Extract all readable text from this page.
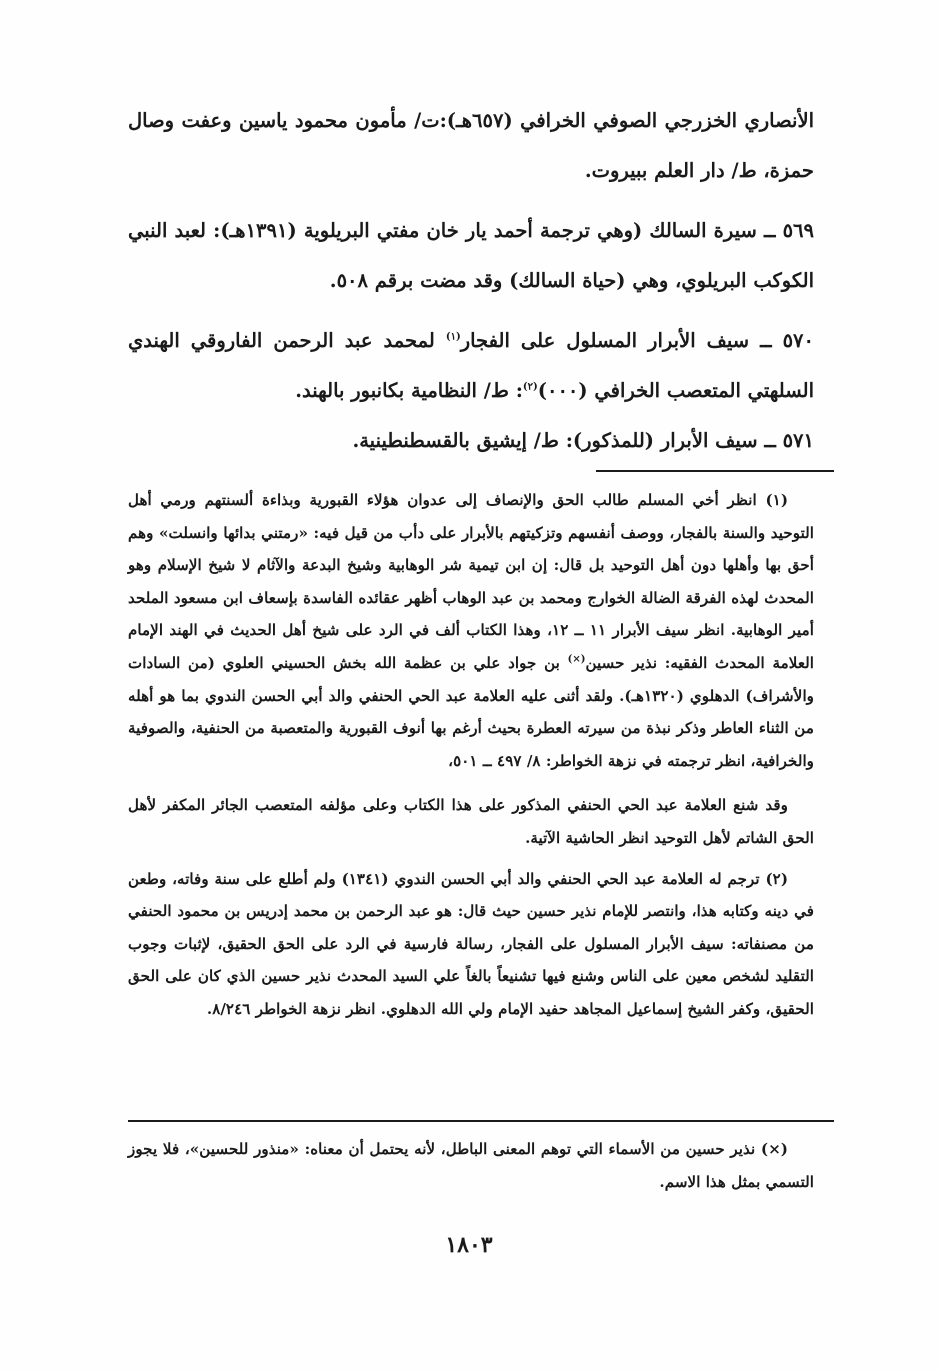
الأنصاري الخزرجي الصوفي الخرافي (٦٥٧هـ):ت/ مأمون محمود ياسين وعفت وصال حمزة، ط/ دار العلم ببيروت.

٥٦٩ ــ سيرة السالك (وهي ترجمة أحمد يار خان مفتي البريلوية (١٣٩١هـ): لعبد النبي الكوكب البريلوي، وهي (حياة السالك) وقد مضت برقم ٥٠٨.

٥٧٠ ــ سيف الأبرار المسلول على الفجار$^{(١)}$ لمحمد عبد الرحمن الفاروقي الهندي السلهتي المتعصب الخرافي (٠٠٠)$^{(٢)}$: ط/ النظامية بكانبور بالهند.

٥٧١ ــ سيف الأبرار (للمذكور): ط/ إيشيق بالقسطنطينية.

(١) انظر أخي المسلم طالب الحق والإنصاف إلى عدوان هؤلاء القبورية وبذاءة ألسنتهم ورمي أهل التوحيد والسنة بالفجار، ووصف أنفسهم وتزكيتهم بالأبرار على دأب من قيل فيه: «رمتني بدائها وانسلت» وهم أحق بها وأهلها دون أهل التوحيد بل قال: إن ابن تيمية شر الوهابية وشيخ البدعة والآثام لا شيخ الإسلام وهو المحدث لهذه الفرقة الضالة الخوارج ومحمد بن عبد الوهاب أظهر عقائده الفاسدة بإسعاف ابن مسعود الملحد أمير الوهابية. انظر سيف الأبرار ١١ ــ ١٢، وهذا الكتاب ألف في الرد على شيخ أهل الحديث في الهند الإمام العلامة المحدث الفقيه: نذير حسين(×) بن جواد علي بن عظمة الله بخش الحسيني العلوي (من السادات والأشراف) الدهلوي (١٣٢٠هـ). ولقد أثنى عليه العلامة عبد الحي الحنفي والد أبي الحسن الندوي بما هو أهله من الثناء العاطر وذكر نبذة من سيرته العطرة بحيث أرغم بها أنوف القبورية والمتعصبة من الحنفية، والصوفية والخرافية، انظر ترجمته في نزهة الخواطر: ٨/ ٤٩٧ ــ ٥٠١،

وقد شنع العلامة عبد الحي الحنفي المذكور على هذا الكتاب وعلى مؤلفه المتعصب الجائر المكفر لأهل الحق الشاتم لأهل التوحيد انظر الحاشية الآتية.

(٢) ترجم له العلامة عبد الحي الحنفي والد أبي الحسن الندوي (١٣٤١) ولم أطلع على سنة وفاته، وطعن في دينه وكتابه هذا، وانتصر للإمام نذير حسين حيث قال: هو عبد الرحمن بن محمد إدريس بن محمود الحنفي من مصنفاته: سيف الأبرار المسلول على الفجار، رسالة فارسية في الرد على الحق الحقيق، لإثبات وجوب التقليد لشخص معين على الناس وشنع فيها تشنيعاً بالغاً علي السيد المحدث نذير حسين الذي كان على الحق الحقيق، وكفر الشيخ إسماعيل المجاهد حفيد الإمام ولي الله الدهلوي. انظر نزهة الخواطر ٨/٢٤٦.

(×) نذير حسين من الأسماء التي توهم المعنى الباطل، لأنه يحتمل أن معناه: «منذور للحسين»، فلا يجوز التسمي بمثل هذا الاسم.

١٨٠٣
